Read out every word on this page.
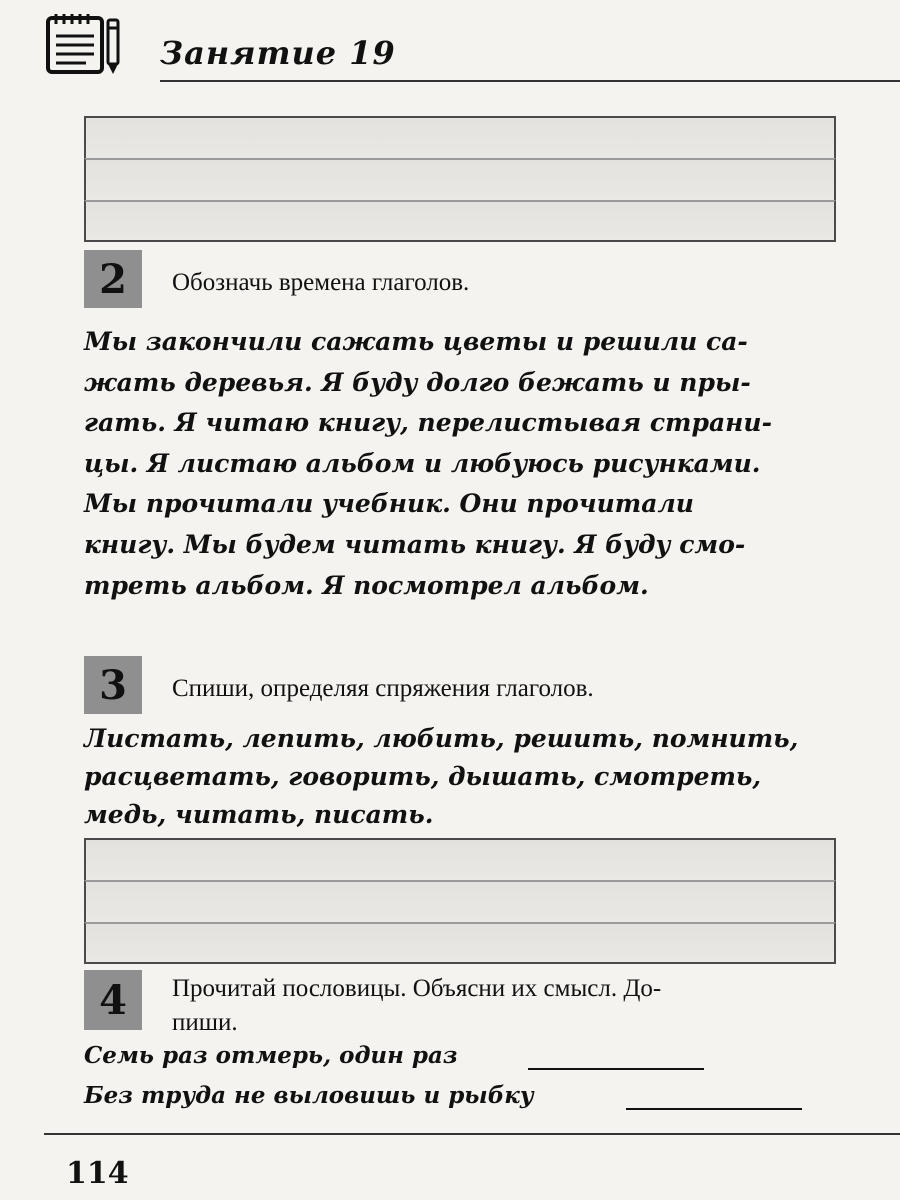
Занятие 19
2	Обозначь времена глаголов.
Мы закончили сажать цветы и решили са-
жать деревья. Я буду долго бежать и пры-
гать. Я читаю книгу, перелистывая страни-
цы. Я листаю альбом и любуюсь рисунками.
Мы прочитали учебник. Они прочитали
книгу. Мы будем читать книгу. Я буду смо-
треть альбом. Я посмотрел альбом.
3	Спиши, определяя спряжения глаголов.
Листать, лепить, любить, решить, помнить,
расцветать, говорить, дышать, смотреть,
медь, читать, писать.
4	Прочитай пословицы. Объясни их смысл. До-
пиши.
Семь раз отмерь, один раз
Без труда не выловишь и рыбку
114
